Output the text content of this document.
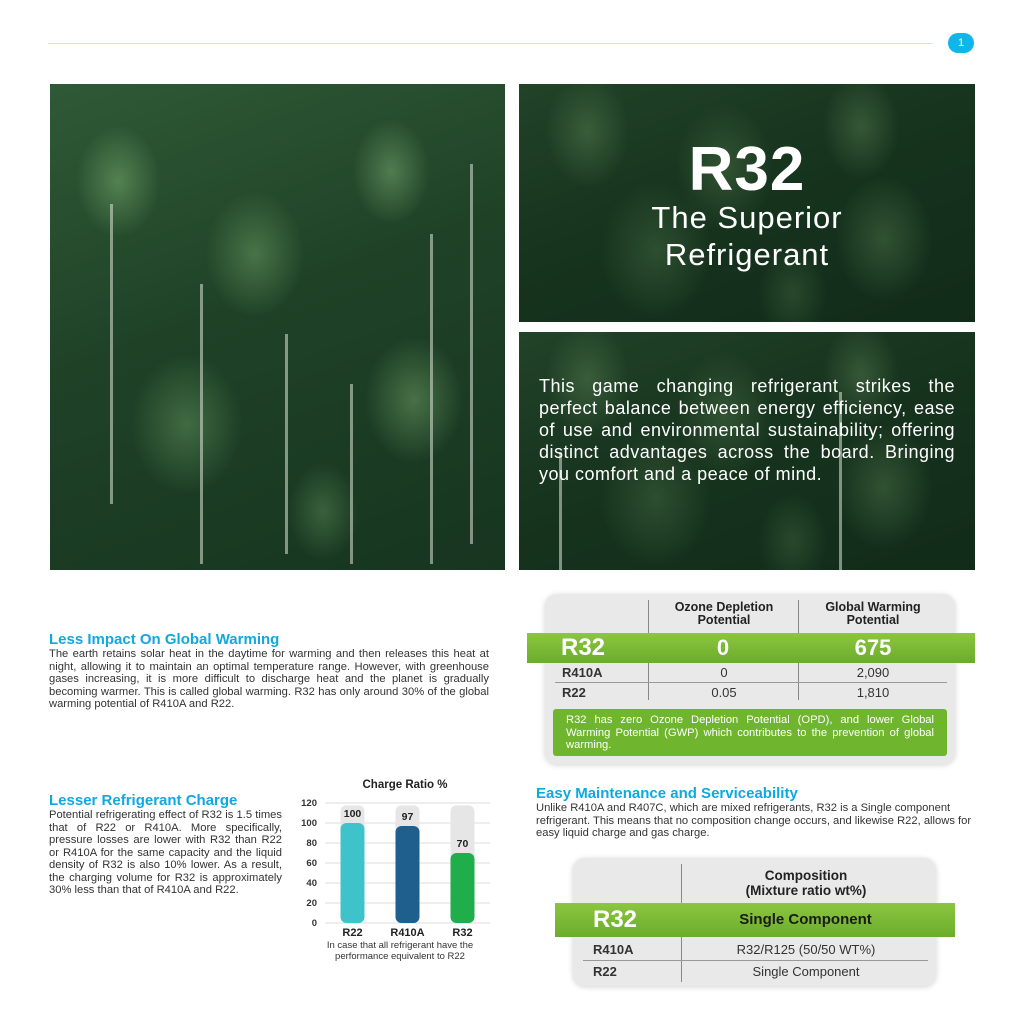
1
R32
The Superior
Refrigerant
This game changing refrigerant strikes the perfect balance between energy efficiency, ease of use and environmental sustainability; offering distinct advantages across the board. Bringing you comfort and a peace of mind.
Less Impact On Global Warming
The earth retains solar heat in the daytime for warming and then releases this heat at night, allowing it to maintain an optimal temperature range. However, with greenhouse gases increasing, it is more difficult to discharge heat and the planet is gradually becoming warmer. This is called global warming. R32 has only around 30% of the global warming potential of R410A and R22.
Ozone Depletion
Potential
Global Warming
Potential
R32	0	675
R410A	0	2,090
R22	0.05	1,810
R32 has zero Ozone Depletion Potential (OPD), and lower Global Warming Potential (GWP) which contributes to the prevention of global warming.
Lesser Refrigerant Charge
Potential refrigerating effect of R32 is 1.5 times that of R22 or R410A. More specifically, pressure losses are lower with R32 than R22 or R410A for the same capacity and the liquid density of R32 is also 10% lower. As a result, the charging volume for R32 is approximately 30% less than that of R410A and R22.
Charge Ratio %
0
20
40
60
80
100
120
100
R22
97
R410A
70
R32
In case that all refrigerant have the
performance equivalent to R22
Easy Maintenance and Serviceability
Unlike R410A and R407C, which are mixed refrigerants, R32 is a Single component refrigerant. This means that no composition change occurs, and likewise R22, allows for easy liquid charge and gas charge.
Composition
(Mixture ratio wt%)
R32	Single Component
R410A	R32/R125 (50/50 WT%)
R22	Single Component
